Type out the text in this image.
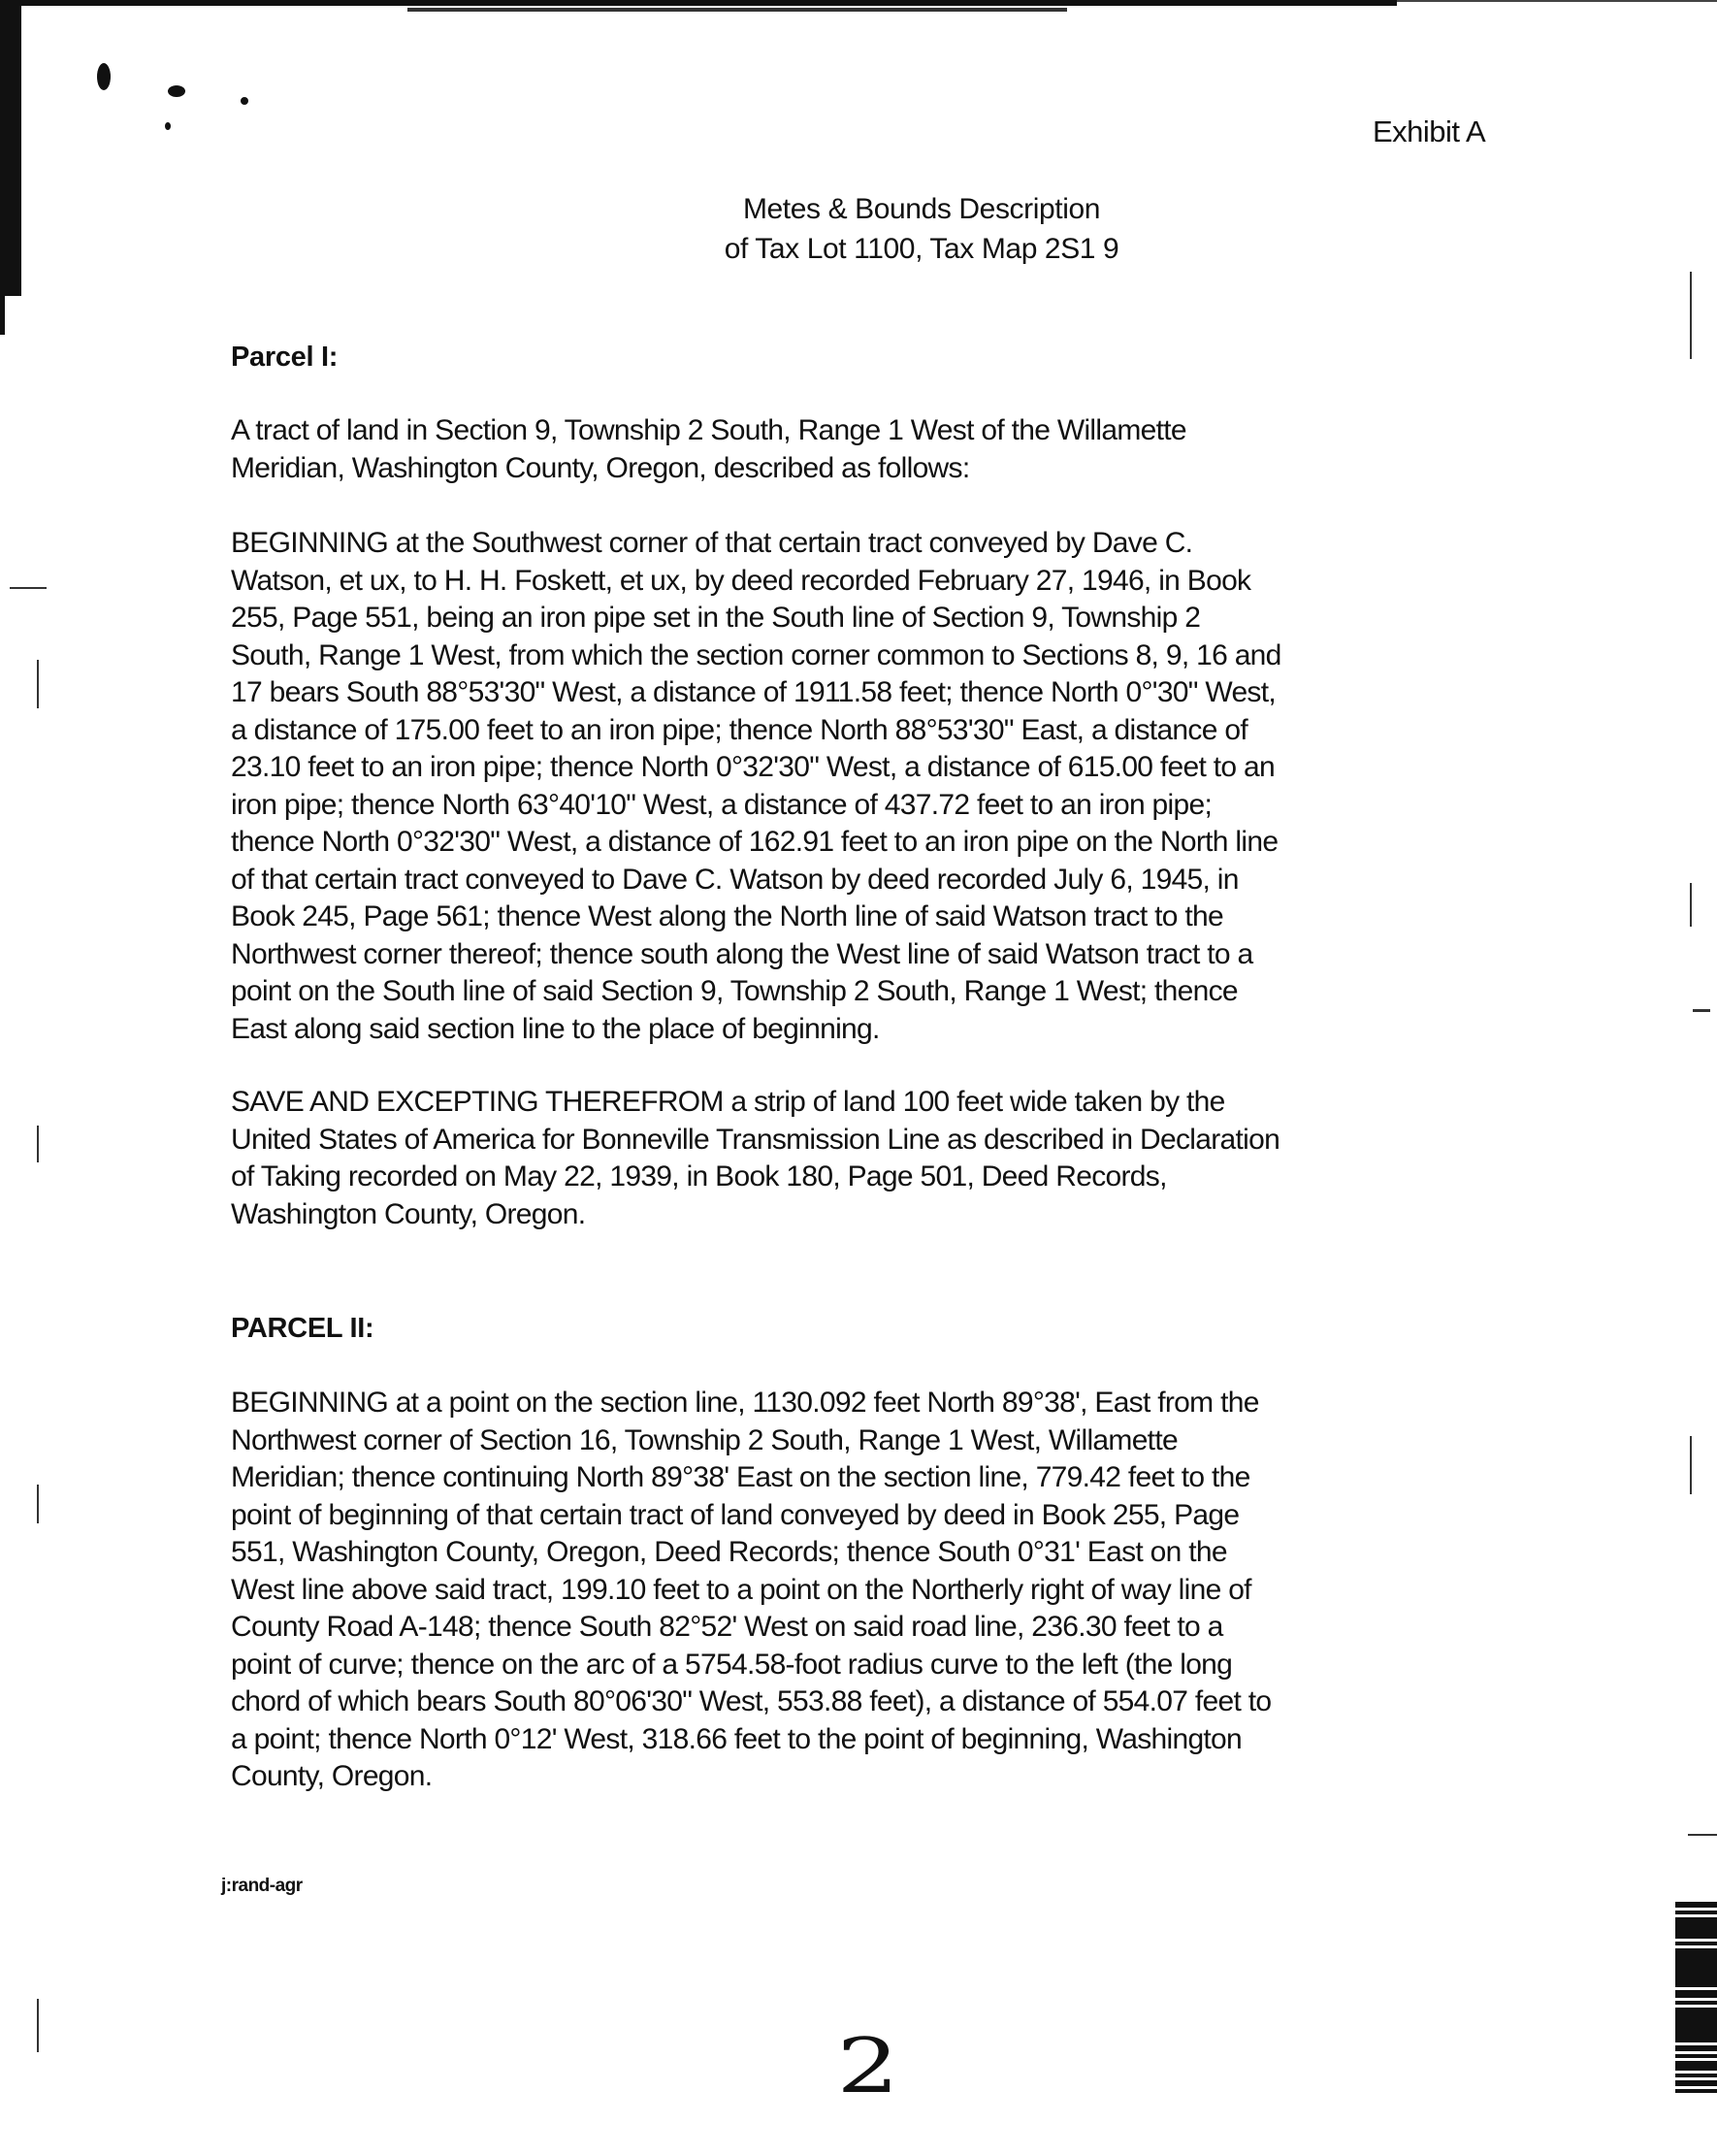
Exhibit A
Metes & Bounds Description
of Tax Lot 1100, Tax Map 2S1 9
Parcel I:
A tract of land in Section 9, Township 2 South, Range 1 West of the Willamette
Meridian, Washington County, Oregon, described as follows:
BEGINNING at the Southwest corner of that certain tract conveyed by Dave C.
Watson, et ux, to H. H. Foskett, et ux, by deed recorded February 27, 1946, in Book
255, Page 551, being an iron pipe set in the South line of Section 9, Township 2
South, Range 1 West, from which the section corner common to Sections 8, 9, 16 and
17 bears South 88°53'30" West, a distance of 1911.58 feet; thence North 0°'30" West,
a distance of 175.00 feet to an iron pipe; thence North 88°53'30" East, a distance of
23.10 feet to an iron pipe; thence North 0°32'30" West, a distance of 615.00 feet to an
iron pipe; thence North 63°40'10" West, a distance of 437.72 feet to an iron pipe;
thence North 0°32'30" West, a distance of 162.91 feet to an iron pipe on the North line
of that certain tract conveyed to Dave C. Watson by deed recorded July 6, 1945, in
Book 245, Page 561; thence West along the North line of said Watson tract to the
Northwest corner thereof; thence south along the West line of said Watson tract to a
point on the South line of said Section 9, Township 2 South, Range 1 West; thence
East along said section line to the place of beginning.
SAVE AND EXCEPTING THEREFROM a strip of land 100 feet wide taken by the
United States of America for Bonneville Transmission Line as described in Declaration
of Taking recorded on May 22, 1939, in Book 180, Page 501, Deed Records,
Washington County, Oregon.
PARCEL II:
BEGINNING at a point on the section line, 1130.092 feet North 89°38', East from the
Northwest corner of Section 16, Township 2 South, Range 1 West, Willamette
Meridian; thence continuing North 89°38' East on the section line, 779.42 feet to the
point of beginning of that certain tract of land conveyed by deed in Book 255, Page
551, Washington County, Oregon, Deed Records; thence South 0°31' East on the
West line above said tract, 199.10 feet to a point on the Northerly right of way line of
County Road A-148; thence South 82°52' West on said road line, 236.30 feet to a
point of curve; thence on the arc of a 5754.58-foot radius curve to the left (the long
chord of which bears South 80°06'30" West, 553.88 feet), a distance of 554.07 feet to
a point; thence North 0°12' West, 318.66 feet to the point of beginning, Washington
County, Oregon.
j:rand-agr
2
